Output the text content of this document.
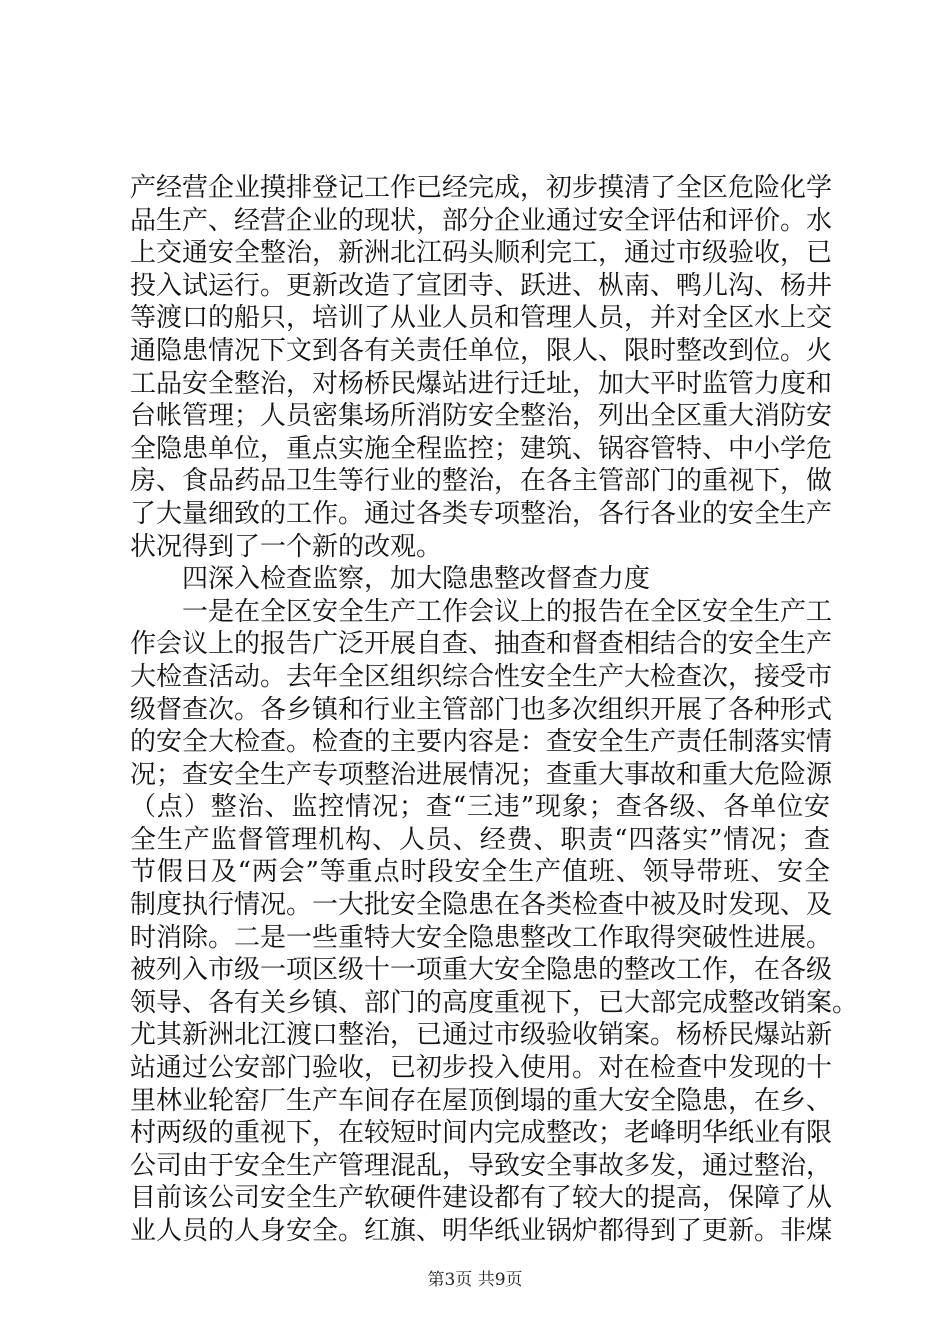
产经营企业摸排登记工作已经完成，初步摸清了全区危险化学
品生产、经营企业的现状，部分企业通过安全评估和评价。水
上交通安全整治，新洲北江码头顺利完工，通过市级验收，已
投入试运行。更新改造了宣团寺、跃进、枞南、鸭儿沟、杨井
等渡口的船只，培训了从业人员和管理人员，并对全区水上交
通隐患情况下文到各有关责任单位，限人、限时整改到位。火
工品安全整治，对杨桥民爆站进行迁址，加大平时监管力度和
台帐管理；人员密集场所消防安全整治，列出全区重大消防安
全隐患单位，重点实施全程监控；建筑、锅容管特、中小学危
房、食品药品卫生等行业的整治，在各主管部门的重视下，做
了大量细致的工作。通过各类专项整治，各行各业的安全生产
状况得到了一个新的改观。
　　四深入检查监察，加大隐患整改督查力度
　　一是在全区安全生产工作会议上的报告在全区安全生产工
作会议上的报告广泛开展自查、抽查和督查相结合的安全生产
大检查活动。去年全区组织综合性安全生产大检查次，接受市
级督查次。各乡镇和行业主管部门也多次组织开展了各种形式
的安全大检查。检查的主要内容是：查安全生产责任制落实情
况；查安全生产专项整治进展情况；查重大事故和重大危险源
（点）整治、监控情况；查“三违”现象；查各级、各单位安
全生产监督管理机构、人员、经费、职责“四落实”情况；查
节假日及“两会”等重点时段安全生产值班、领导带班、安全
制度执行情况。一大批安全隐患在各类检查中被及时发现、及
时消除。二是一些重特大安全隐患整改工作取得突破性进展。
被列入市级一项区级十一项重大安全隐患的整改工作，在各级
领导、各有关乡镇、部门的高度重视下，已大部完成整改销案。
尤其新洲北江渡口整治，已通过市级验收销案。杨桥民爆站新
站通过公安部门验收，已初步投入使用。对在检查中发现的十
里林业轮窑厂生产车间存在屋顶倒塌的重大安全隐患，在乡、
村两级的重视下，在较短时间内完成整改；老峰明华纸业有限
公司由于安全生产管理混乱，导致安全事故多发，通过整治，
目前该公司安全生产软硬件建设都有了较大的提高，保障了从
业人员的人身安全。红旗、明华纸业锅炉都得到了更新。非煤
第3页 共9页
